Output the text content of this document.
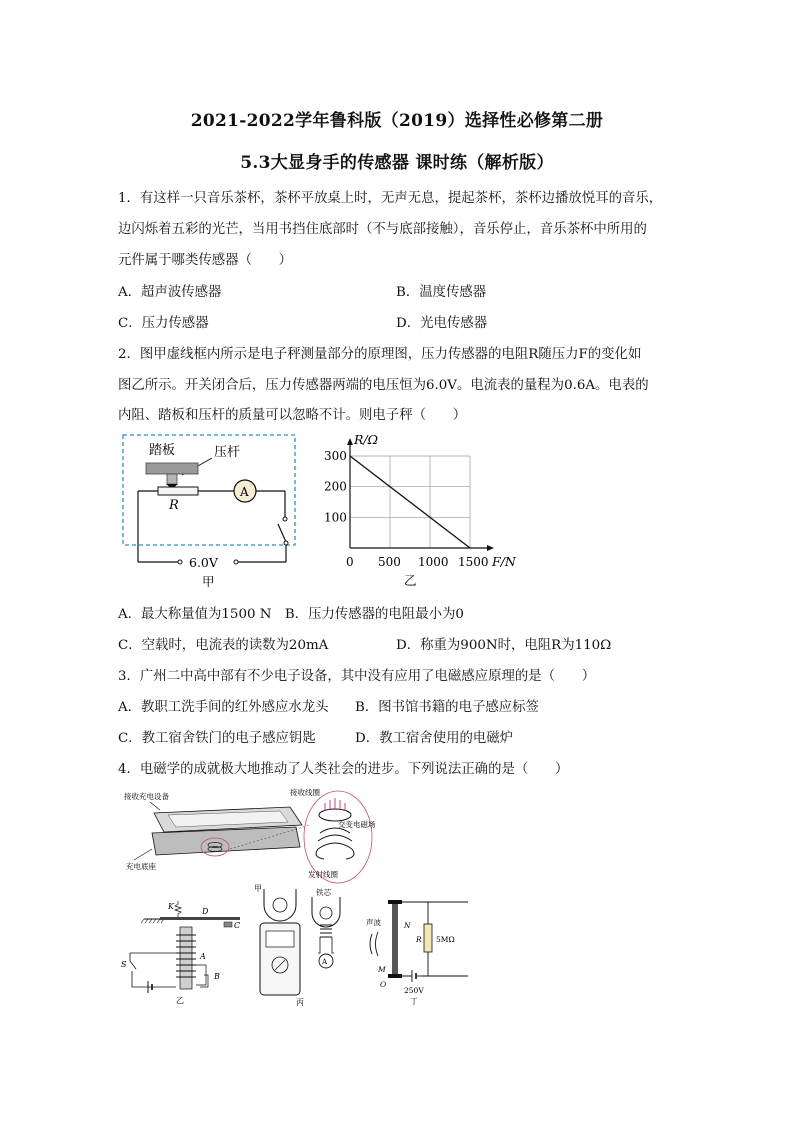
2021-2022学年鲁科版（2019）选择性必修第二册
5.3大显身手的传感器 课时练（解析版）
1．有这样一只音乐茶杯，茶杯平放桌上时，无声无息，提起茶杯，茶杯边播放悦耳的音乐，
边闪烁着五彩的光芒，当用书挡住底部时（不与底部接触），音乐停止，音乐茶杯中所用的
元件属于哪类传感器（　　）
A．超声波传感器	B．温度传感器
C．压力传感器	D．光电传感器
2．图甲虚线框内所示是电子秤测量部分的原理图，压力传感器的电阻R随压力F的变化如
图乙所示。开关闭合后，压力传感器两端的电压恒为6.0V。电流表的量程为0.6A。电表的
内阻、踏板和压杆的质量可以忽略不计。则电子秤（　　）
踏板	压杆
R
A
6.0V
甲
R/Ω
F/N
0 500 1000 1500
100
200
300
乙
A．最大称量值为1500 N　B．压力传感器的电阻最小为0
C．空载时，电流表的读数为20mA	D．称重为900N时，电阻R为110Ω
3．广州二中高中部有不少电子设备，其中没有应用了电磁感应原理的是（　　）
A．教职工洗手间的红外感应水龙头 B．图书馆书籍的电子感应标签
C．教工宿舍铁门的电子感应钥匙	D．教工宿舍使用的电磁炉
4．电磁学的成就极大地推动了人类社会的进步。下列说法正确的是（　　）
接收充电设备
充电底座
接收线圈
交变电磁场
发射线圈
甲
K
D
C
A
B
S
乙
铁芯
A
丙
声波	N
M
O
R 5MΩ
250V
丁
